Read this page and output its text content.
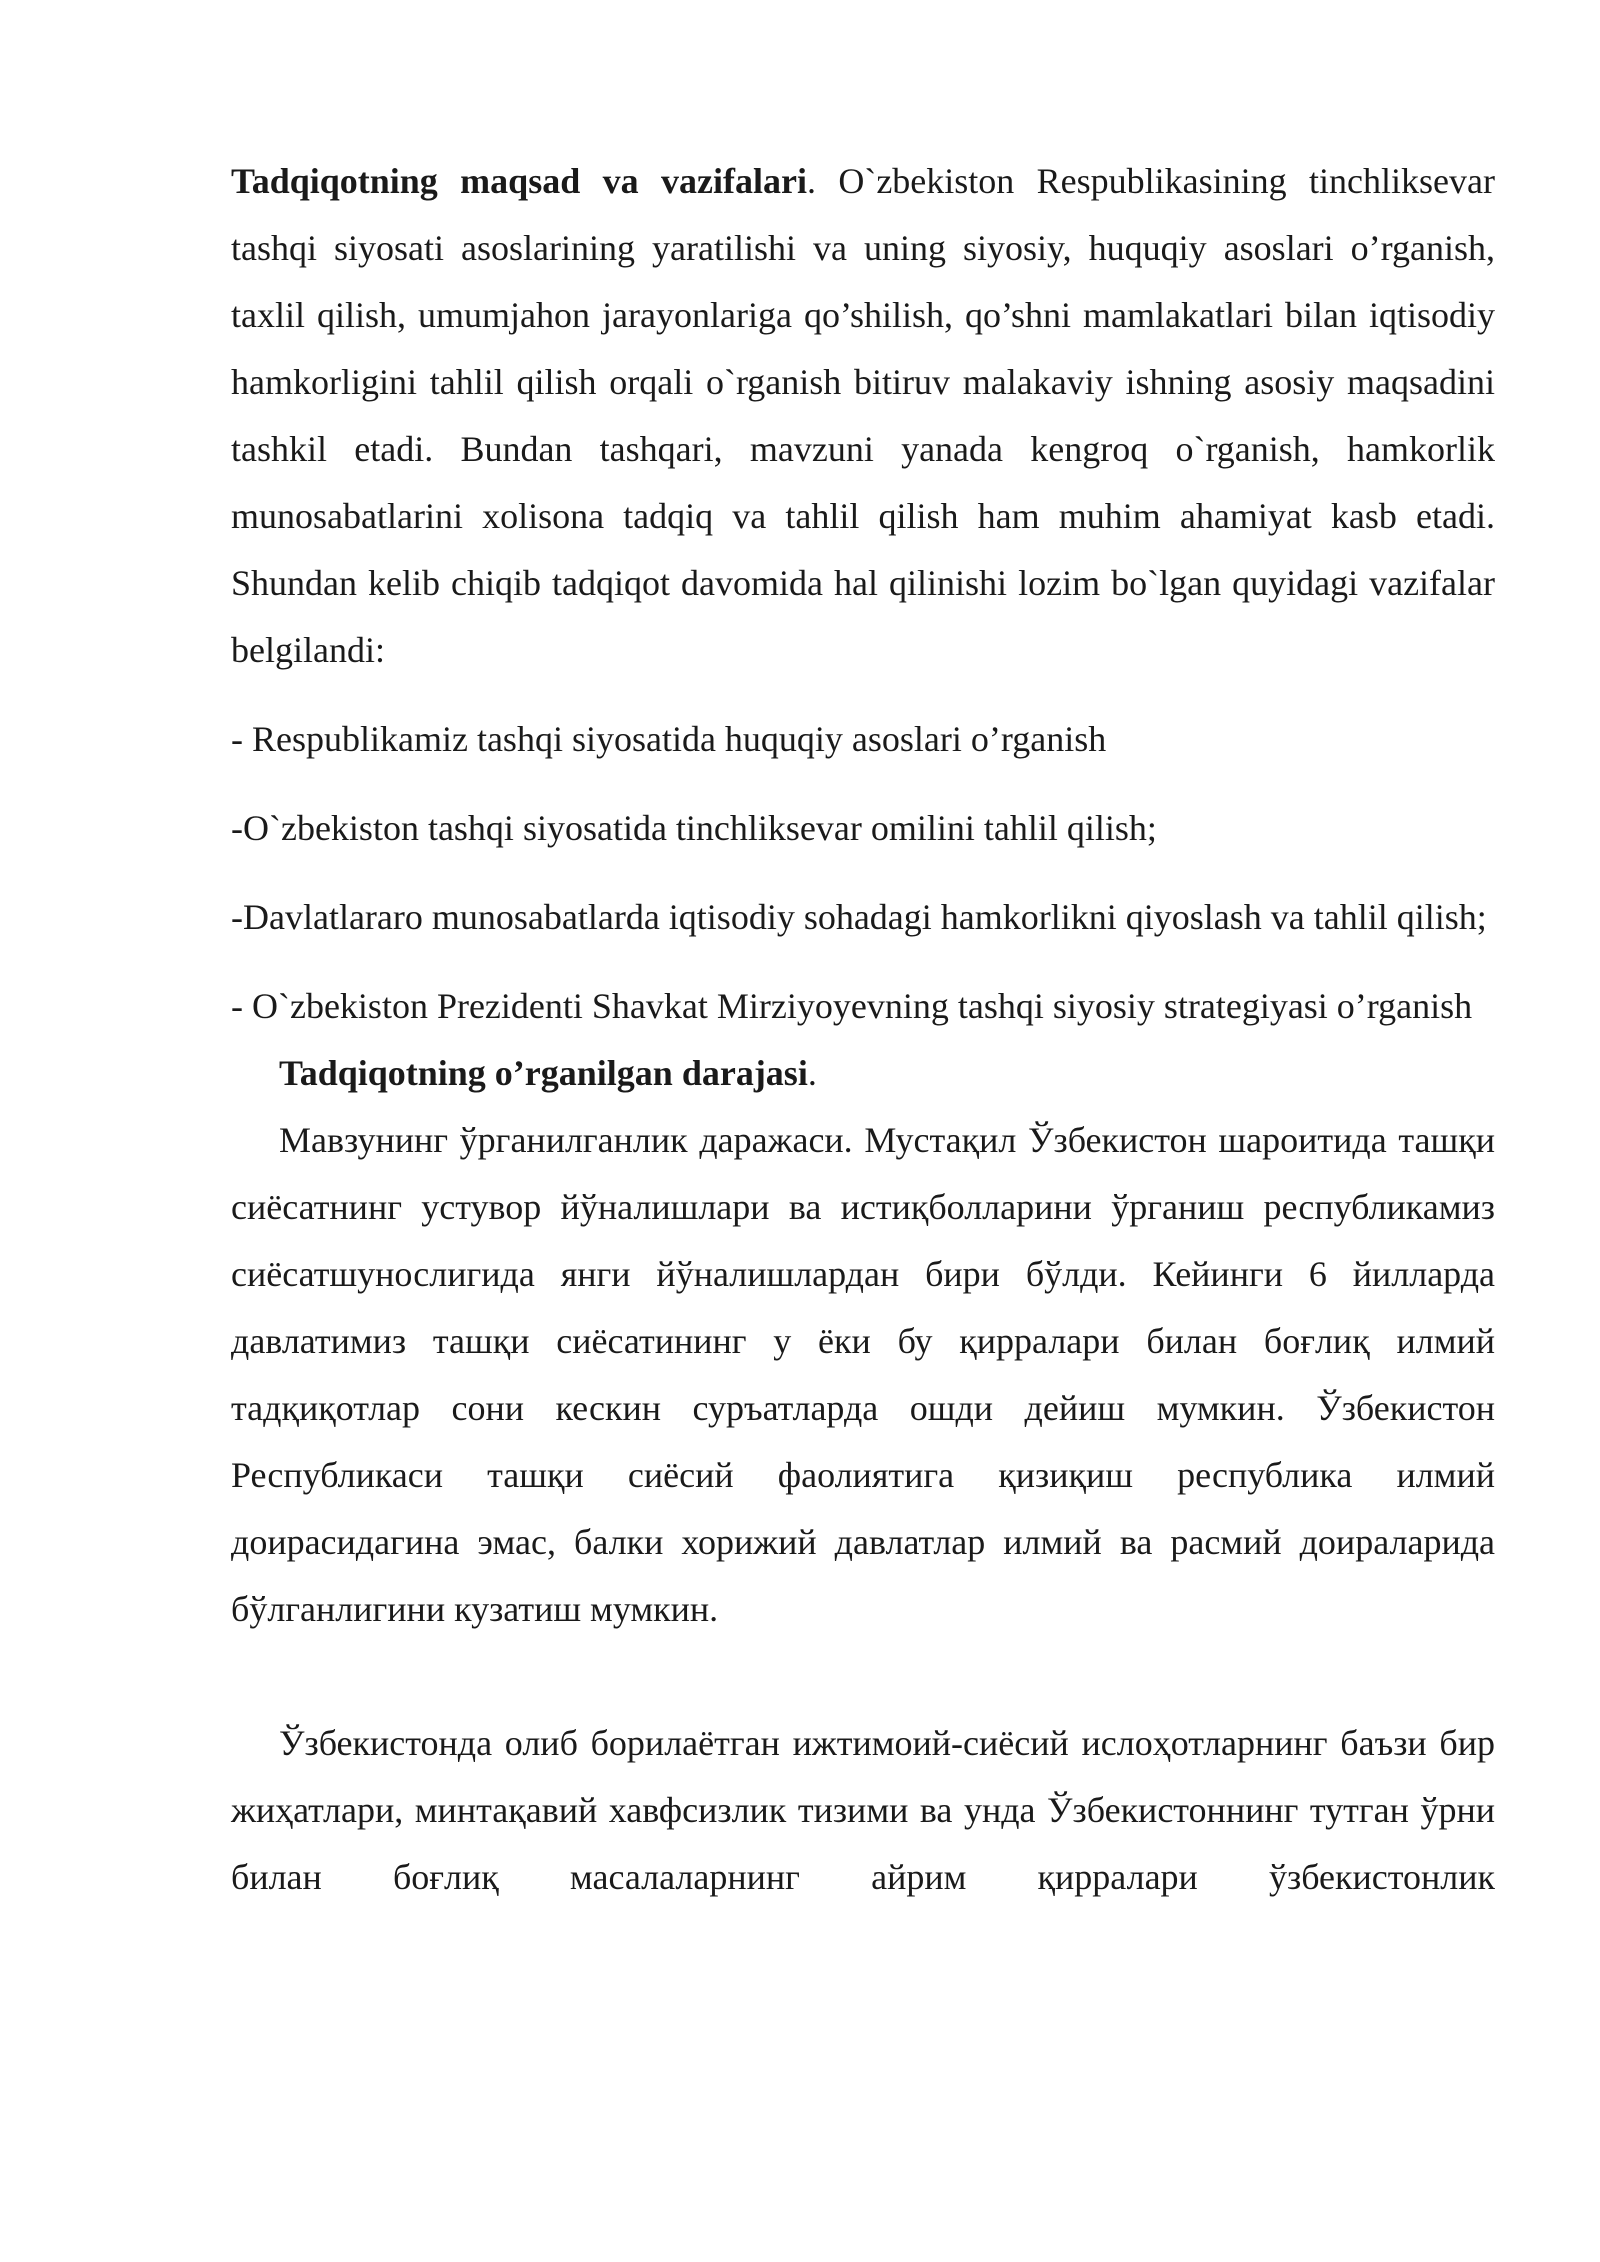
Tadqiqotning maqsad va vazifalari. O`zbekiston Respublikasining tinchliksevar tashqi siyosati asoslarining yaratilishi va uning siyosiy, huquqiy asoslari o’rganish, taxlil qilish, umumjahon jarayonlariga qo’shilish, qo’shni mamlakatlari bilan iqtisodiy hamkorligini tahlil qilish orqali o`rganish bitiruv malakaviy ishning asosiy maqsadini tashkil etadi. Bundan tashqari, mavzuni yanada kengroq o`rganish, hamkorlik munosabatlarini xolisona tadqiq va tahlil qilish ham muhim ahamiyat kasb etadi. Shundan kelib chiqib tadqiqot davomida hal qilinishi lozim bo`lgan quyidagi vazifalar belgilandi:

- Respublikamiz tashqi siyosatida huquqiy asoslari o’rganish

-O`zbekiston tashqi siyosatida tinchliksevar omilini tahlil qilish;

-Davlatlararo munosabatlarda iqtisodiy sohadagi hamkorlikni qiyoslash va tahlil qilish;

- O`zbekiston Prezidenti Shavkat Mirziyoyevning tashqi siyosiy strategiyasi o’rganish

Tadqiqotning o’rganilgan darajasi.

Мавзунинг ўрганилганлик даражаси. Мустақил Ўзбекистон шароитида ташқи сиёсатнинг устувор йўналишлари ва истиқболларини ўрганиш республикамиз сиёсатшунослигида янги йўналишлардан бири бўлди. Кейинги 6 йилларда давлатимиз ташқи сиёсатининг у ёки бу қирралари билан боғлиқ илмий тадқиқотлар сони кескин суръатларда ошди дейиш мумкин. Ўзбекистон Республикаси ташқи сиёсий фаолиятига қизиқиш республика илмий доирасидагина эмас, балки хорижий давлатлар илмий ва расмий доираларида бўлганлигини кузатиш мумкин.

Ўзбекистонда олиб борилаётган ижтимоий-сиёсий ислоҳотларнинг баъзи бир жиҳатлари, минтақавий хавфсизлик тизими ва унда Ўзбекистоннинг тутган ўрни билан боғлиқ масалаларнинг айрим қирралари ўзбекистонлик
